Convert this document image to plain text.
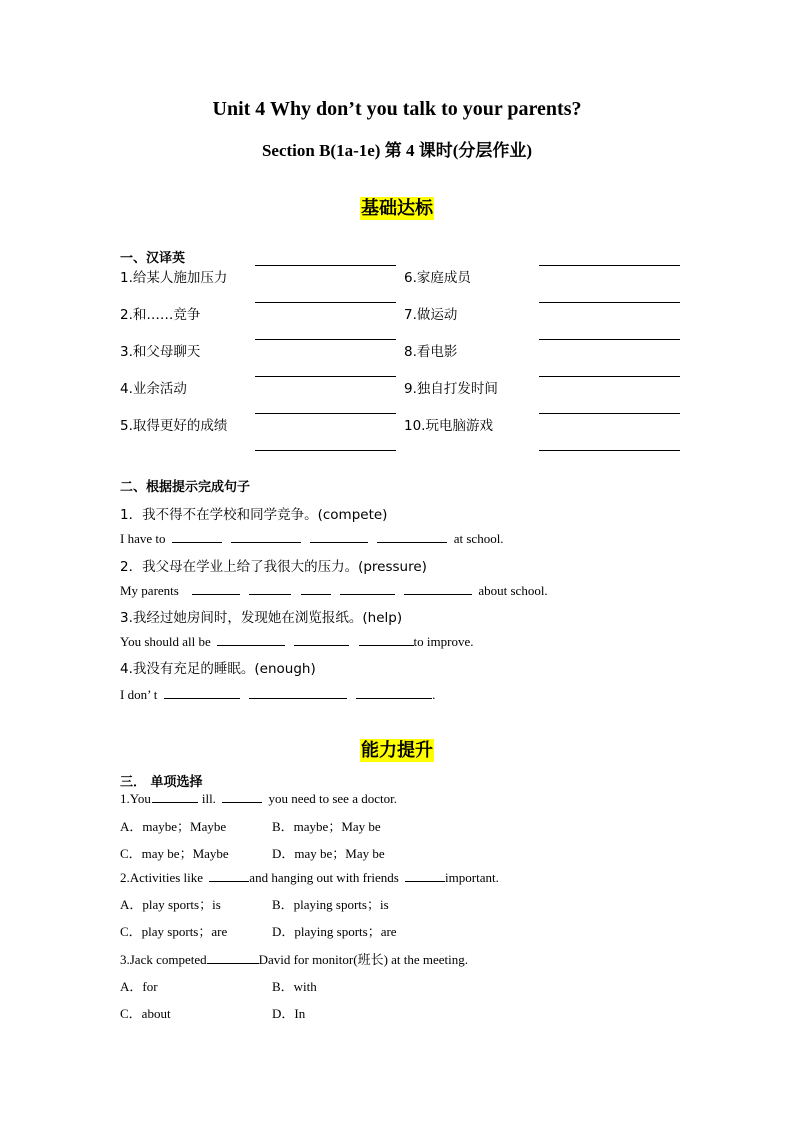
Unit 4 Why don’t you talk to your parents?
Section B(1a-1e) 第 4 课时(分层作业)
基础达标
一、汉译英
1.给某人施加压力
2.和……竞争
3.和父母聊天
4.业余活动
5.取得更好的成绩
6.家庭成员
7.做运动
8.看电影
9.独自打发时间
10.玩电脑游戏
二、根据提示完成句子
1．我不得不在学校和同学竞争。(compete)
I have to	at school.
2．我父母在学业上给了我很大的压力。(pressure)
My parents	about school.
3.我经过她房间时，发现她在浏览报纸。(help)
You should all be	to improve.
4.我没有充足的睡眠。(enough)
I don’ t	.
能力提升
三． 单项选择
1.You	ill.	you need to see a doctor.
A．maybe；Maybe	B．maybe；May be
C．may be；Maybe	D．may be；May be
2.Activities like	and hanging out with friends	important.
A．play sports；is	B．playing sports；is
C．play sports；are	D．playing sports；are
3.Jack competed	David for monitor(班长) at the meeting.
A．for	B．with
C．about	D．In
